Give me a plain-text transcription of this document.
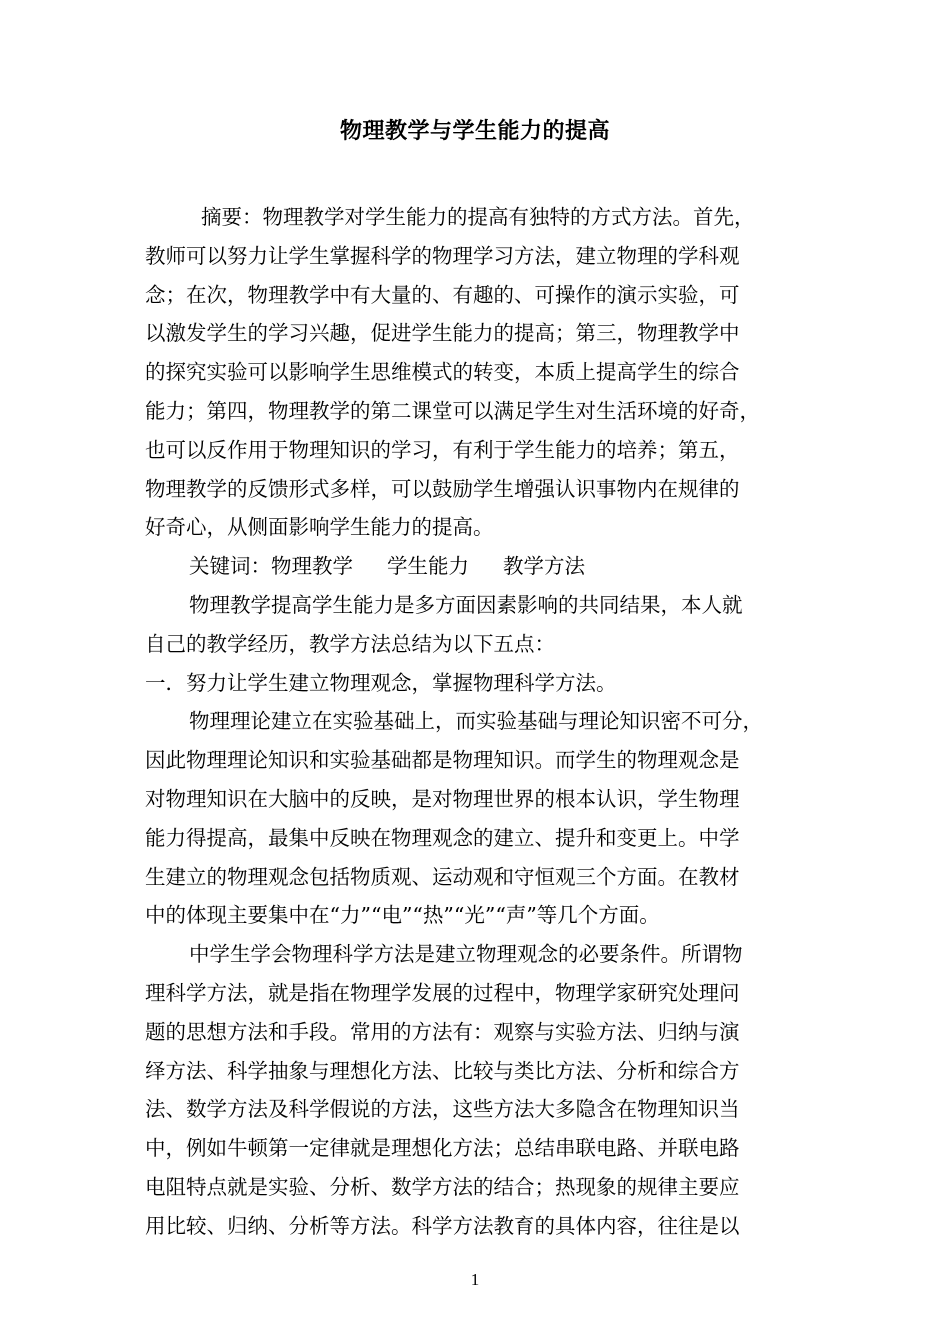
物理教学与学生能力的提高
摘要：物理教学对学生能力的提高有独特的方式方法。首先，
教师可以努力让学生掌握科学的物理学习方法，建立物理的学科观
念；在次，物理教学中有大量的、有趣的、可操作的演示实验，可
以激发学生的学习兴趣，促进学生能力的提高；第三，物理教学中
的探究实验可以影响学生思维模式的转变，本质上提高学生的综合
能力；第四，物理教学的第二课堂可以满足学生对生活环境的好奇，
也可以反作用于物理知识的学习，有利于学生能力的培养；第五，
物理教学的反馈形式多样，可以鼓励学生增强认识事物内在规律的
好奇心，从侧面影响学生能力的提高。
关键词：物理教学 学生能力 教学方法
物理教学提高学生能力是多方面因素影响的共同结果，本人就
自己的教学经历，教学方法总结为以下五点：
一．努力让学生建立物理观念，掌握物理科学方法。
物理理论建立在实验基础上，而实验基础与理论知识密不可分，
因此物理理论知识和实验基础都是物理知识。而学生的物理观念是
对物理知识在大脑中的反映，是对物理世界的根本认识，学生物理
能力得提高，最集中反映在物理观念的建立、提升和变更上。中学
生建立的物理观念包括物质观、运动观和守恒观三个方面。在教材
中的体现主要集中在“力”“电”“热”“光”“声”等几个方面。
中学生学会物理科学方法是建立物理观念的必要条件。所谓物
理科学方法，就是指在物理学发展的过程中，物理学家研究处理问
题的思想方法和手段。常用的方法有：观察与实验方法、归纳与演
绎方法、科学抽象与理想化方法、比较与类比方法、分析和综合方
法、数学方法及科学假说的方法，这些方法大多隐含在物理知识当
中，例如牛顿第一定律就是理想化方法；总结串联电路、并联电路
电阻特点就是实验、分析、数学方法的结合；热现象的规律主要应
用比较、归纳、分析等方法。科学方法教育的具体内容，往往是以
1
